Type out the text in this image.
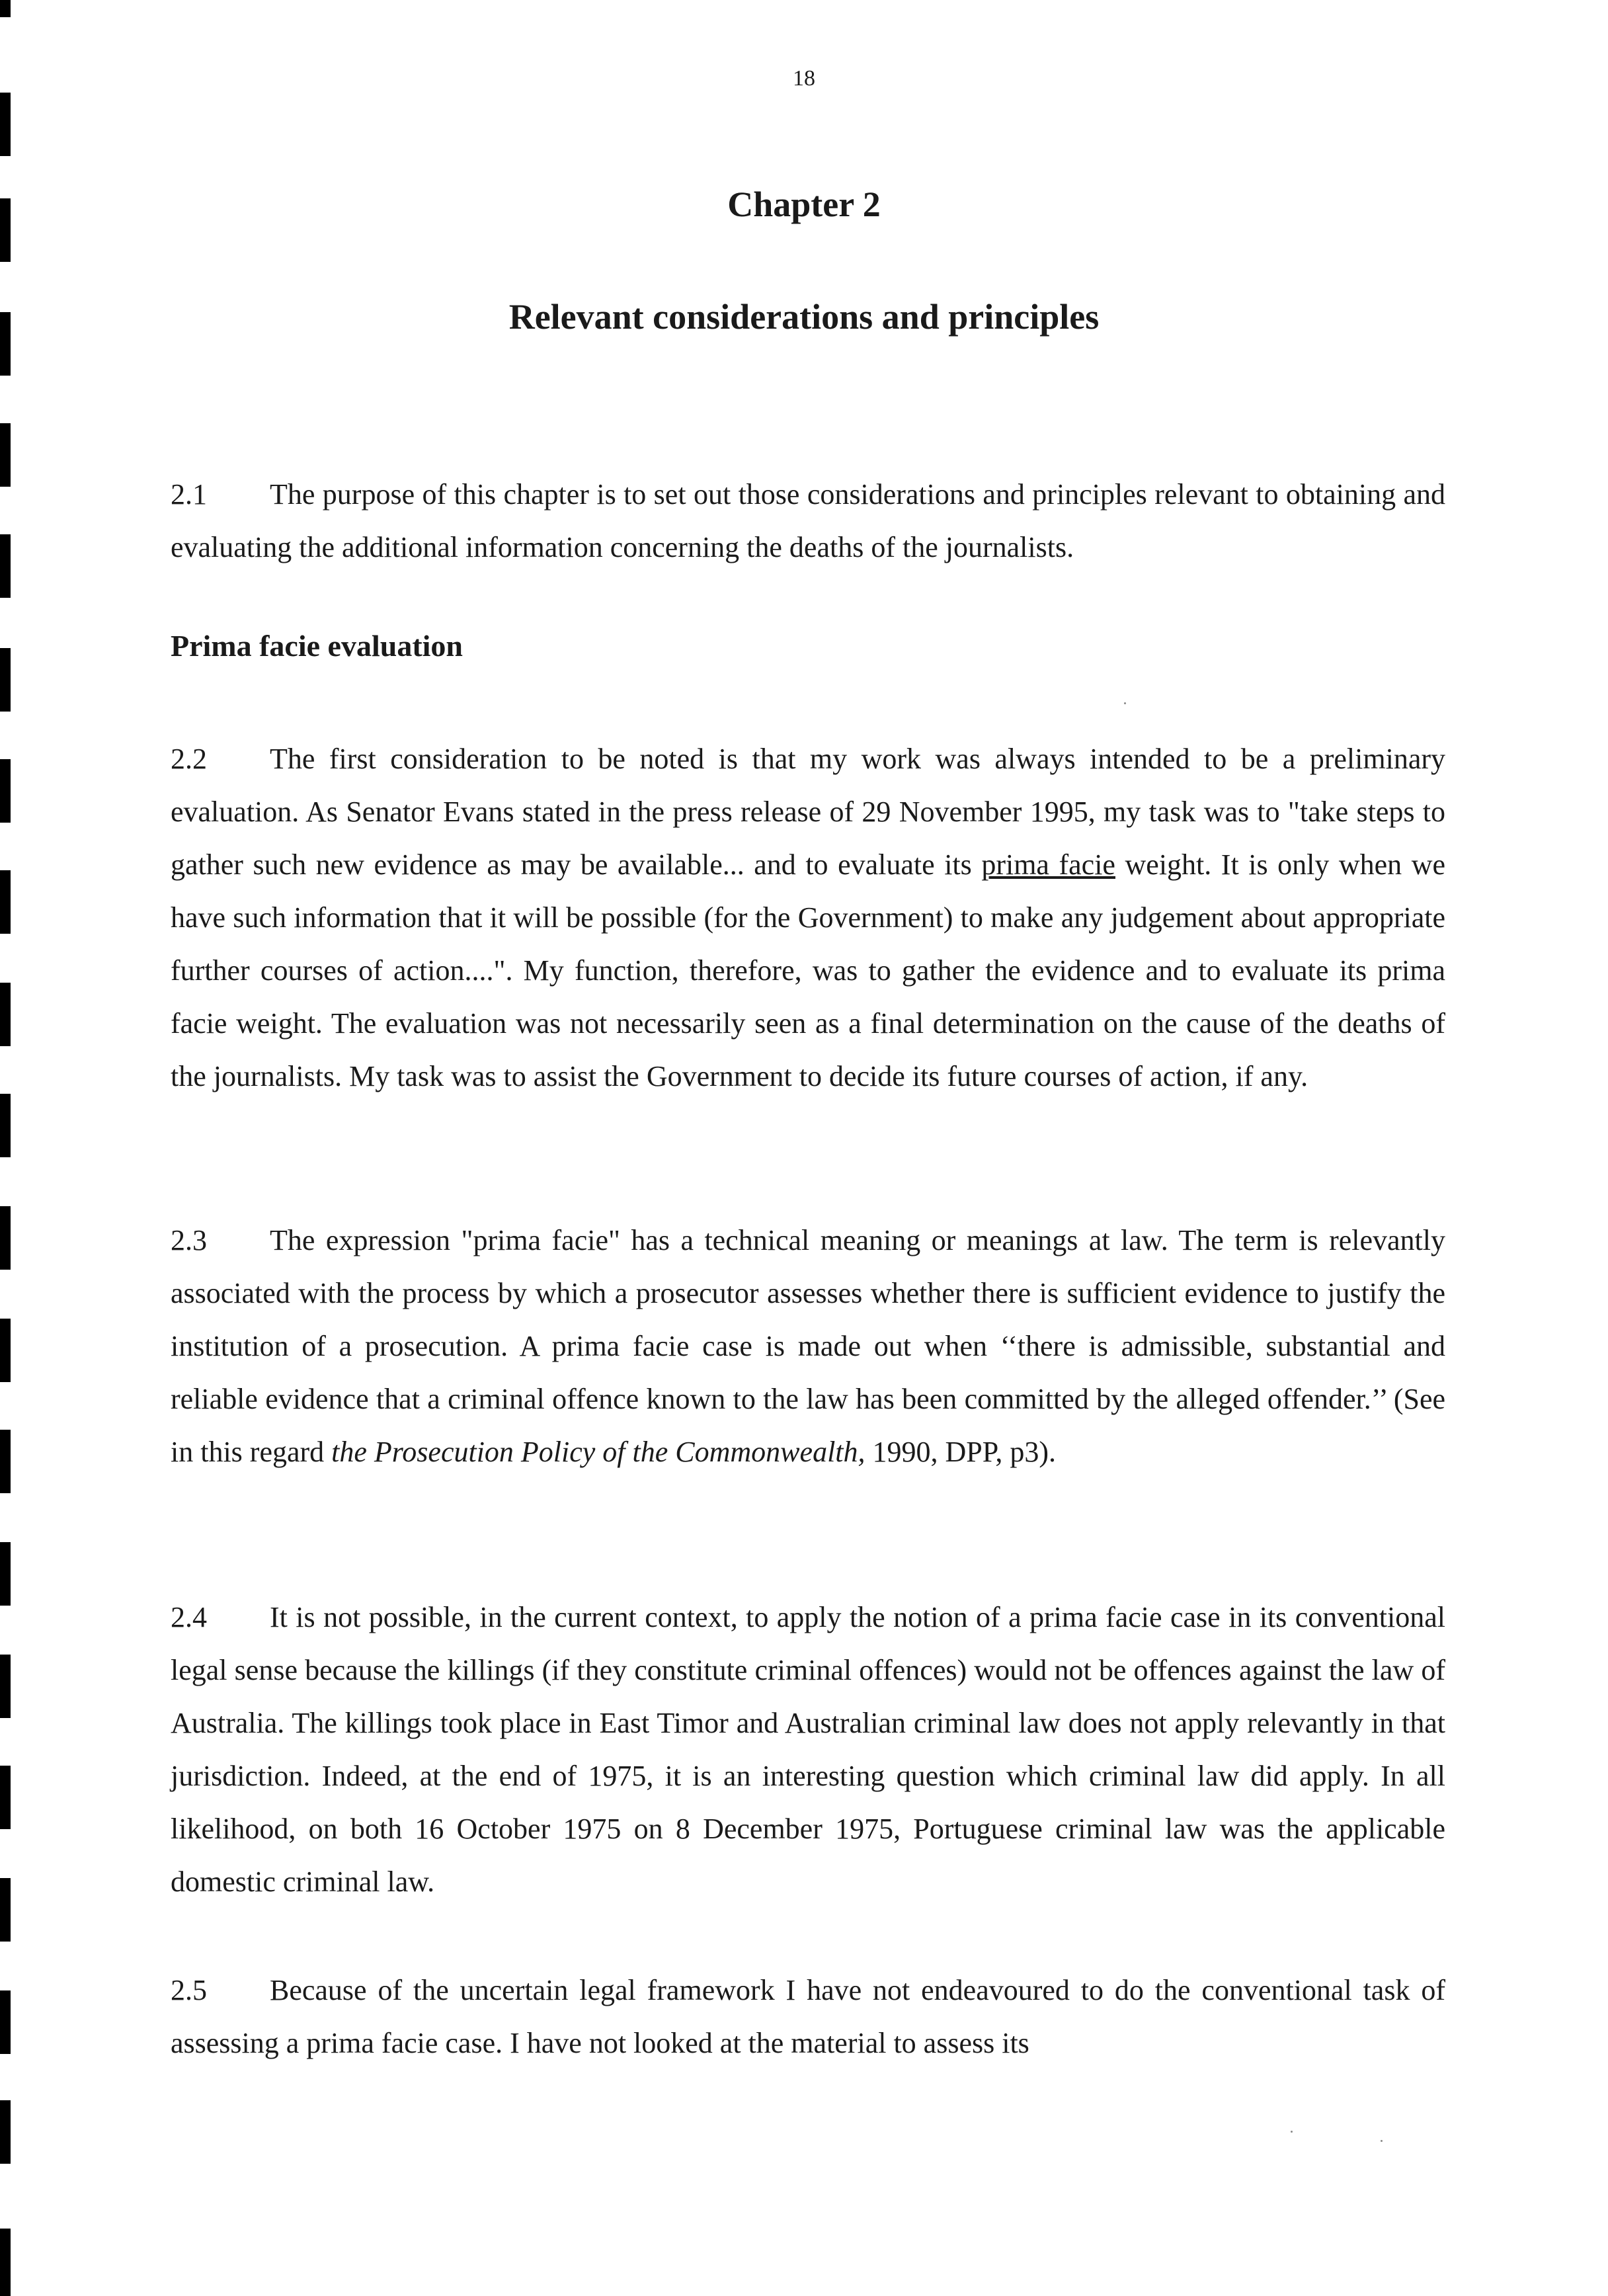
18
Chapter 2
Relevant considerations and principles

2.1 The purpose of this chapter is to set out those considerations and principles relevant to obtaining and evaluating the additional information concerning the deaths of the journalists.

Prima facie evaluation

2.2 The first consideration to be noted is that my work was always intended to be a preliminary evaluation. As Senator Evans stated in the press release of 29 November 1995, my task was to "take steps to gather such new evidence as may be available... and to evaluate its prima facie weight. It is only when we have such information that it will be possible (for the Government) to make any judgement about appropriate further courses of action....". My function, therefore, was to gather the evidence and to evaluate its prima facie weight. The evaluation was not necessarily seen as a final determination on the cause of the deaths of the journalists. My task was to assist the Government to decide its future courses of action, if any.

2.3 The expression "prima facie" has a technical meaning or meanings at law. The term is relevantly associated with the process by which a prosecutor assesses whether there is sufficient evidence to justify the institution of a prosecution. A prima facie case is made out when ‘‘there is admissible, substantial and reliable evidence that a criminal offence known to the law has been committed by the alleged offender.’’ (See in this regard the Prosecution Policy of the Commonwealth, 1990, DPP, p3).

2.4 It is not possible, in the current context, to apply the notion of a prima facie case in its conventional legal sense because the killings (if they constitute criminal offences) would not be offences against the law of Australia. The killings took place in East Timor and Australian criminal law does not apply relevantly in that jurisdiction. Indeed, at the end of 1975, it is an interesting question which criminal law did apply. In all likelihood, on both 16 October 1975 on 8 December 1975, Portuguese criminal law was the applicable domestic criminal law.

2.5 Because of the uncertain legal framework I have not endeavoured to do the conventional task of assessing a prima facie case. I have not looked at the material to assess its
